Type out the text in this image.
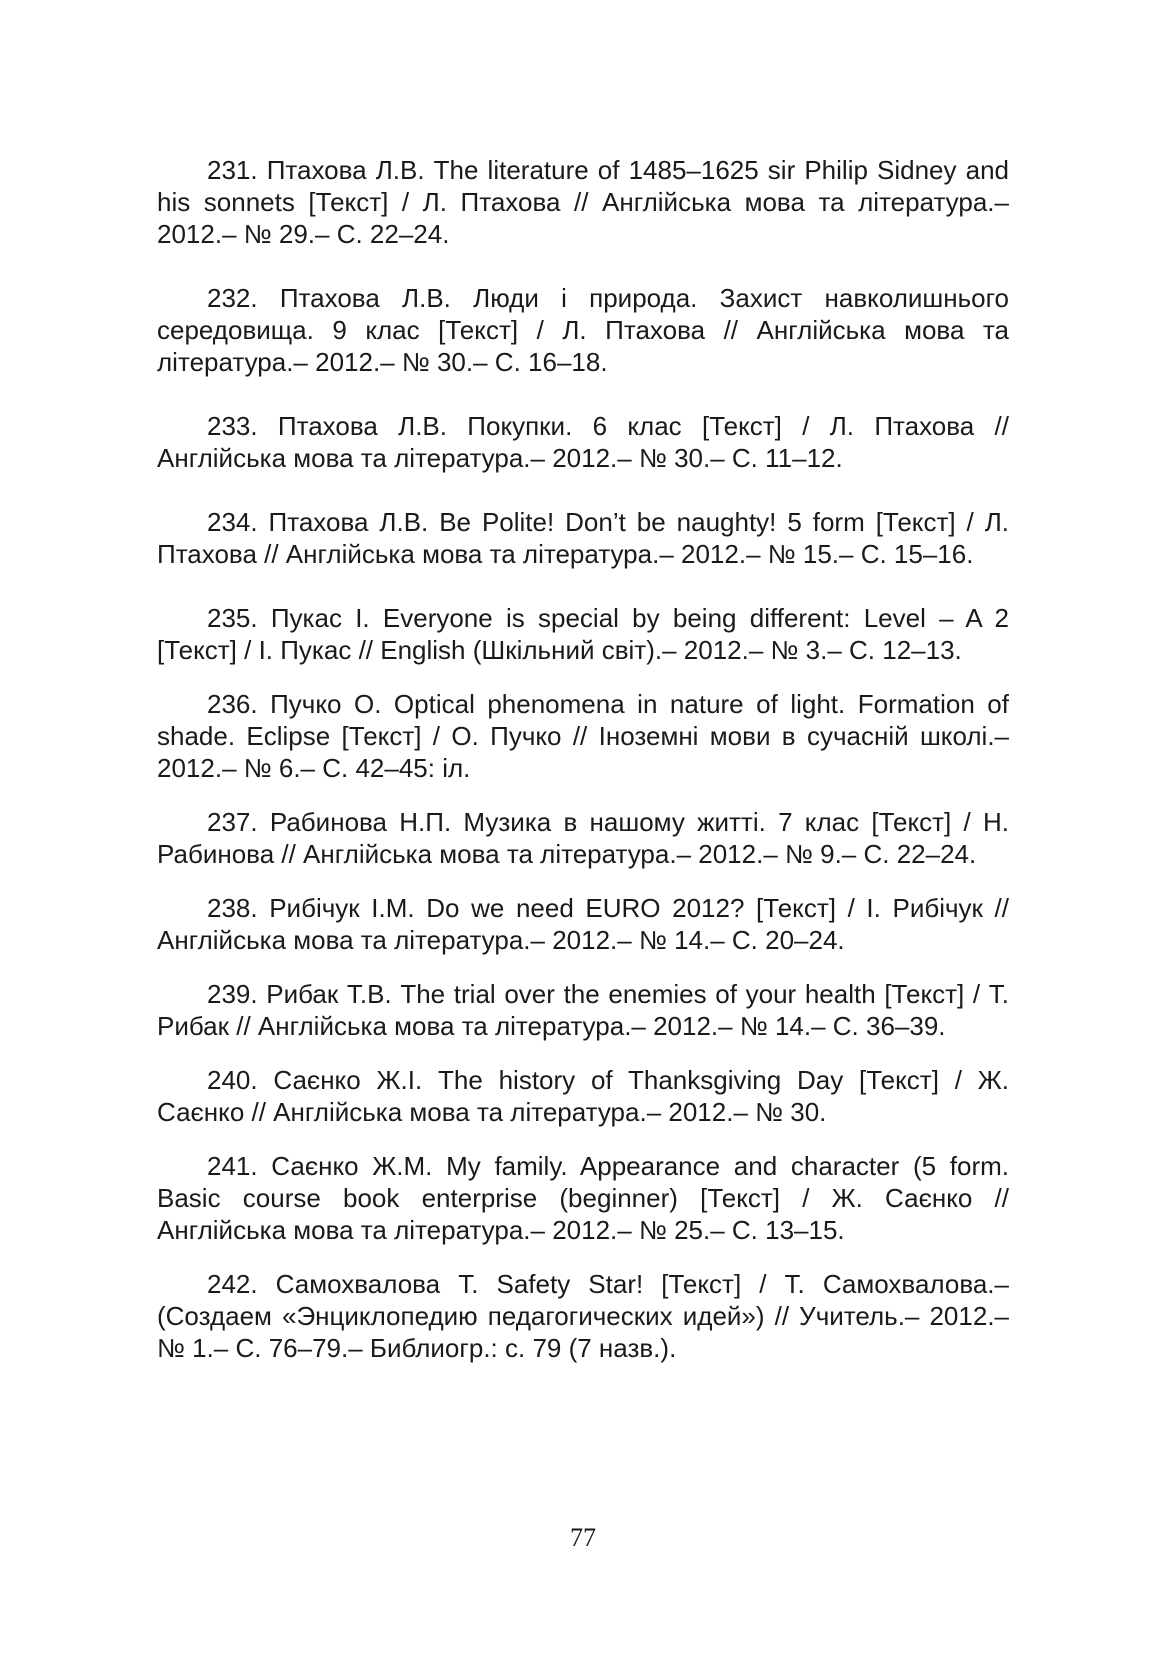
231. Птахова Л.В. The literature of 1485–1625 sir Philip Sidney and his sonnets [Текст] / Л. Птахова // Англійська мова та література.– 2012.– № 29.– С. 22–24.

232. Птахова Л.В. Люди і природа. Захист навколишнього середовища. 9 клас [Текст] / Л. Птахова // Англійська мова та література.– 2012.– № 30.– С. 16–18.

233. Птахова Л.В. Покупки. 6 клас [Текст] / Л. Птахова // Англійська мова та література.– 2012.– № 30.– С. 11–12.

234. Птахова Л.В. Be Polite! Don’t be naughty! 5 form [Текст] / Л. Птахова // Англійська мова та література.– 2012.– № 15.– С. 15–16.

235. Пукас І. Everyone is special by being different: Level – A 2 [Текст] / І. Пукас // English (Шкільний світ).– 2012.– № 3.– С. 12–13.

236. Пучко О. Optical phenomena in nature of light. Formation of shade. Eclipse [Текст] / О. Пучко // Іноземні мови в сучасній школі.– 2012.– № 6.– С. 42–45: іл.

237. Рабинова Н.П. Музика в нашому житті. 7 клас [Текст] / Н. Рабинова // Англійська мова та література.– 2012.– № 9.– С. 22–24.

238. Рибічук І.М. Do we need EURO 2012? [Текст] / І. Рибічук // Англійська мова та література.– 2012.– № 14.– С. 20–24.

239. Рибак Т.В. The trial over the enemies of your health [Текст] / Т. Рибак // Англійська мова та література.– 2012.– № 14.– С. 36–39.

240. Саєнко Ж.І. The history of Thanksgiving Day [Текст] / Ж. Саєнко // Англійська мова та література.– 2012.– № 30.

241. Саєнко Ж.М. My family. Appearance and character (5 form. Basic course book enterprise (beginner) [Текст] / Ж. Саєнко // Англійська мова та література.– 2012.– № 25.– С. 13–15.

242. Самохвалова Т. Safety Star! [Текст] / Т. Самохвалова.– (Создаем «Энциклопедию педагогических идей») // Учитель.– 2012.– № 1.– С. 76–79.– Библиогр.: с. 79 (7 назв.).

77
